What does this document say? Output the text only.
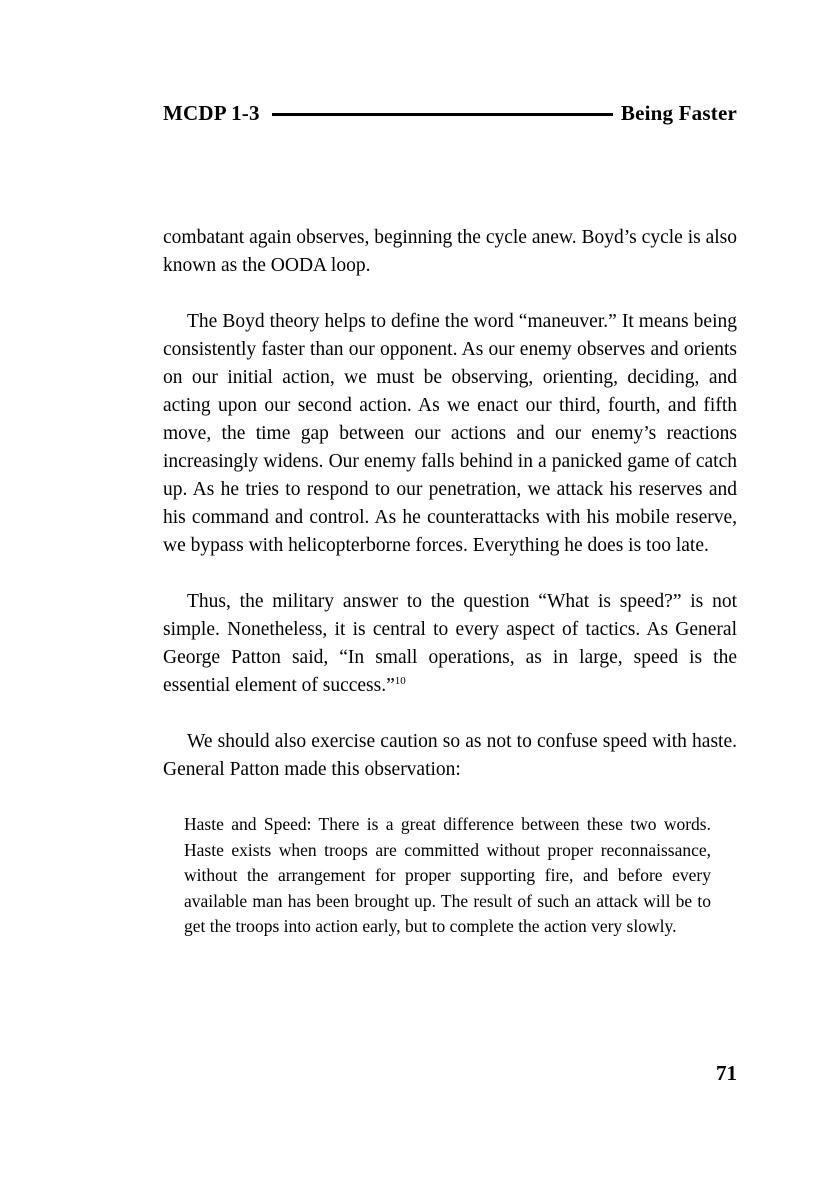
MCDP 1-3	Being Faster

combatant again observes, beginning the cycle anew. Boyd’s cycle is also known as the OODA loop.

The Boyd theory helps to define the word “maneuver.” It means being consistently faster than our opponent. As our enemy observes and orients on our initial action, we must be observing, orienting, deciding, and acting upon our second action. As we enact our third, fourth, and fifth move, the time gap between our actions and our enemy’s reactions increasingly widens. Our enemy falls behind in a panicked game of catch up. As he tries to respond to our penetration, we attack his reserves and his command and control. As he counterattacks with his mobile reserve, we bypass with helicopterborne forces. Everything he does is too late.

Thus, the military answer to the question “What is speed?” is not simple. Nonetheless, it is central to every aspect of tactics. As General George Patton said, “In small operations, as in large, speed is the essential element of success.”$^{10}$

We should also exercise caution so as not to confuse speed with haste. General Patton made this observation:

Haste and Speed: There is a great difference between these two words. Haste exists when troops are committed without proper reconnaissance, without the arrangement for proper supporting fire, and before every available man has been brought up. The result of such an attack will be to get the troops into action early, but to complete the action very slowly.
71
